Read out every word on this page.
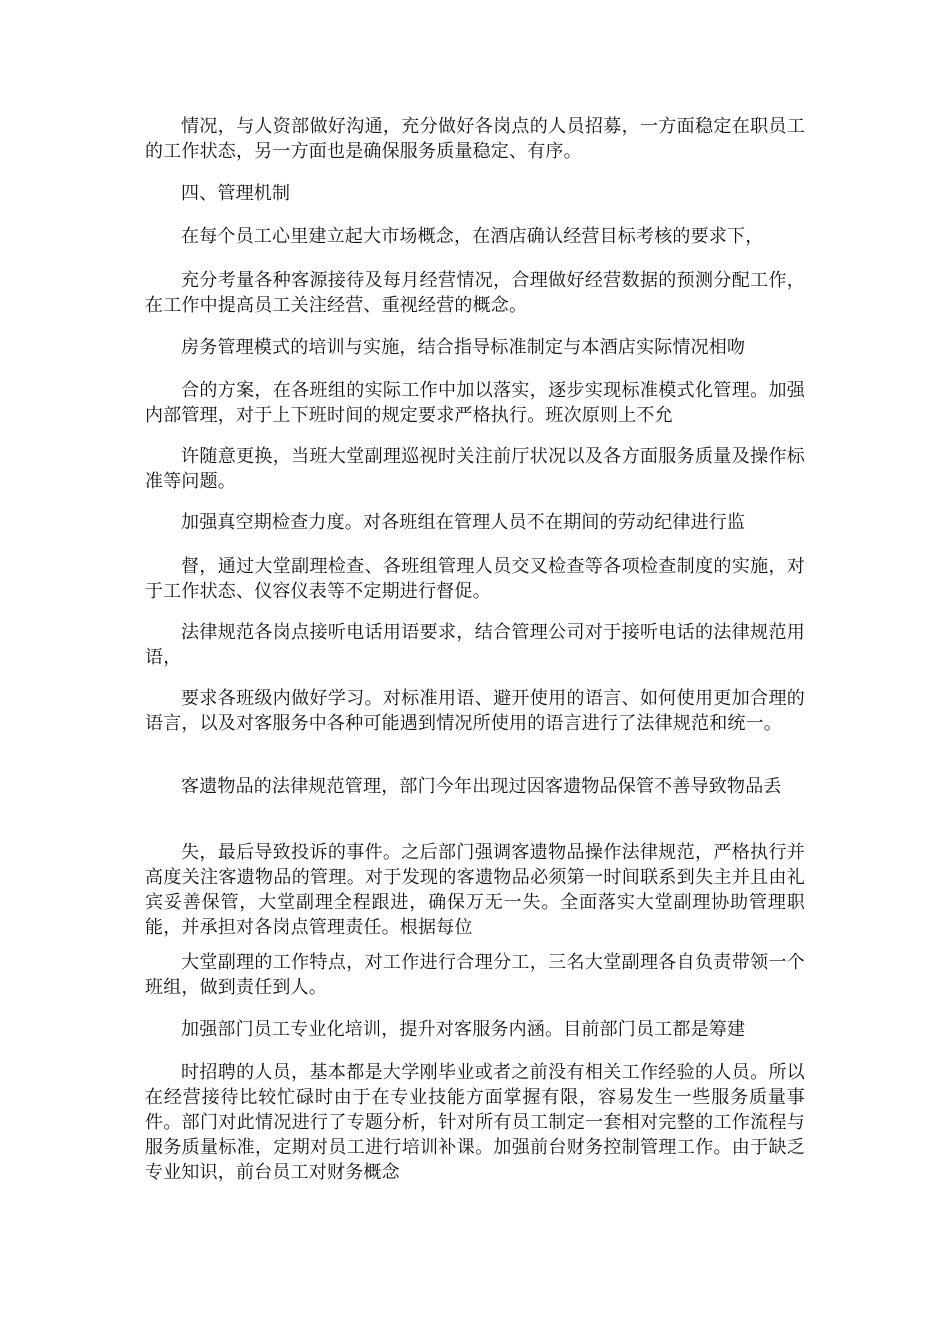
情况，与人资部做好沟通，充分做好各岗点的人员招募，一方面稳定在职员工的工作状态，另一方面也是确保服务质量稳定、有序。

四、管理机制

在每个员工心里建立起大市场概念，在酒店确认经营目标考核的要求下，

充分考量各种客源接待及每月经营情况，合理做好经营数据的预测分配工作，在工作中提高员工关注经营、重视经营的概念。

房务管理模式的培训与实施，结合指导标准制定与本酒店实际情况相吻

合的方案，在各班组的实际工作中加以落实，逐步实现标准模式化管理。加强内部管理，对于上下班时间的规定要求严格执行。班次原则上不允

许随意更换，当班大堂副理巡视时关注前厅状况以及各方面服务质量及操作标准等问题。

加强真空期检查力度。对各班组在管理人员不在期间的劳动纪律进行监

督，通过大堂副理检查、各班组管理人员交叉检查等各项检查制度的实施，对于工作状态、仪容仪表等不定期进行督促。

法律规范各岗点接听电话用语要求，结合管理公司对于接听电话的法律规范用语，

要求各班级内做好学习。对标准用语、避开使用的语言、如何使用更加合理的语言，以及对客服务中各种可能遇到情况所使用的语言进行了法律规范和统一。

客遗物品的法律规范管理，部门今年出现过因客遗物品保管不善导致物品丢

失，最后导致投诉的事件。之后部门强调客遗物品操作法律规范，严格执行并高度关注客遗物品的管理。对于发现的客遗物品必须第一时间联系到失主并且由礼宾妥善保管，大堂副理全程跟进，确保万无一失。全面落实大堂副理协助管理职能，并承担对各岗点管理责任。根据每位

大堂副理的工作特点，对工作进行合理分工，三名大堂副理各自负责带领一个班组，做到责任到人。

加强部门员工专业化培训，提升对客服务内涵。目前部门员工都是筹建

时招聘的人员，基本都是大学刚毕业或者之前没有相关工作经验的人员。所以在经营接待比较忙碌时由于在专业技能方面掌握有限，容易发生一些服务质量事件。部门对此情况进行了专题分析，针对所有员工制定一套相对完整的工作流程与服务质量标准，定期对员工进行培训补课。加强前台财务控制管理工作。由于缺乏专业知识，前台员工对财务概念
